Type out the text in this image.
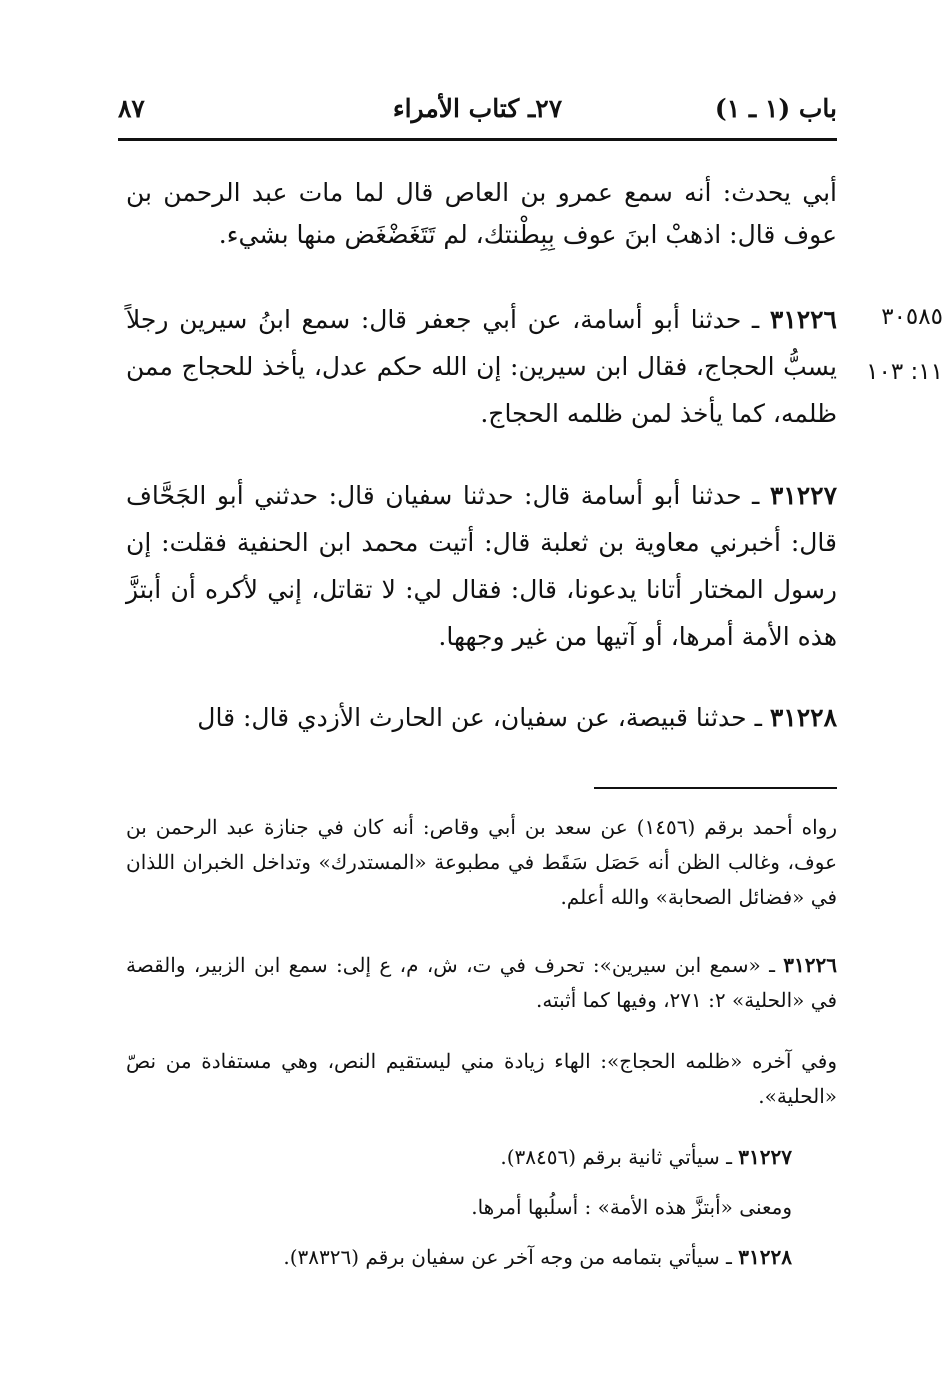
باب (١ ـ ١)
٢٧ـ كتاب الأمراء
٨٧
أبي يحدث: أنه سمع عمرو بن العاص قال لما مات عبد الرحمن بن عوف قال: اذهبْ ابنَ عوف بِبِطْنتك، لم تَتَغَضْغَض منها بشيء.
٣٠٥٨٥
١١: ١٠٣
٣١٢٢٦ ـ حدثنا أبو أسامة، عن أبي جعفر قال: سمع ابنُ سيرين رجلاً يسبُّ الحجاج، فقال ابن سيرين: إن الله حكم عدل، يأخذ للحجاج ممن ظلمه، كما يأخذ لمن ظلمه الحجاج.
٣١٢٢٧ ـ حدثنا أبو أسامة قال: حدثنا سفيان قال: حدثني أبو الجَحَّاف قال: أخبرني معاوية بن ثعلبة قال: أتيت محمد ابن الحنفية فقلت: إن رسول المختار أتانا يدعونا، قال: فقال لي: لا تقاتل، إني لأكره أن أبتزَّ هذه الأمة أمرها، أو آتيها من غير وجهها.
٣١٢٢٨ ـ حدثنا قبيصة، عن سفيان، عن الحارث الأزدي قال: قال
رواه أحمد برقم (١٤٥٦) عن سعد بن أبي وقاص: أنه كان في جنازة عبد الرحمن بن عوف، وغالب الظن أنه حَصَل سَقَط في مطبوعة «المستدرك» وتداخل الخبران اللذان في «فضائل الصحابة» والله أعلم.
٣١٢٢٦ ـ «سمع ابن سيرين»: تحرف في ت، ش، م، ع إلى: سمع ابن الزبير، والقصة في «الحلية» ٢: ٢٧١، وفيها كما أثبته.
وفي آخره «ظلمه الحجاج»: الهاء زيادة مني ليستقيم النص، وهي مستفادة من نصّ «الحلية».
٣١٢٢٧ ـ سيأتي ثانية برقم (٣٨٤٥٦).
ومعنى «أبتزَّ هذه الأمة» : أسلُبها أمرها.
٣١٢٢٨ ـ سيأتي بتمامه من وجه آخر عن سفيان برقم (٣٨٣٢٦).
